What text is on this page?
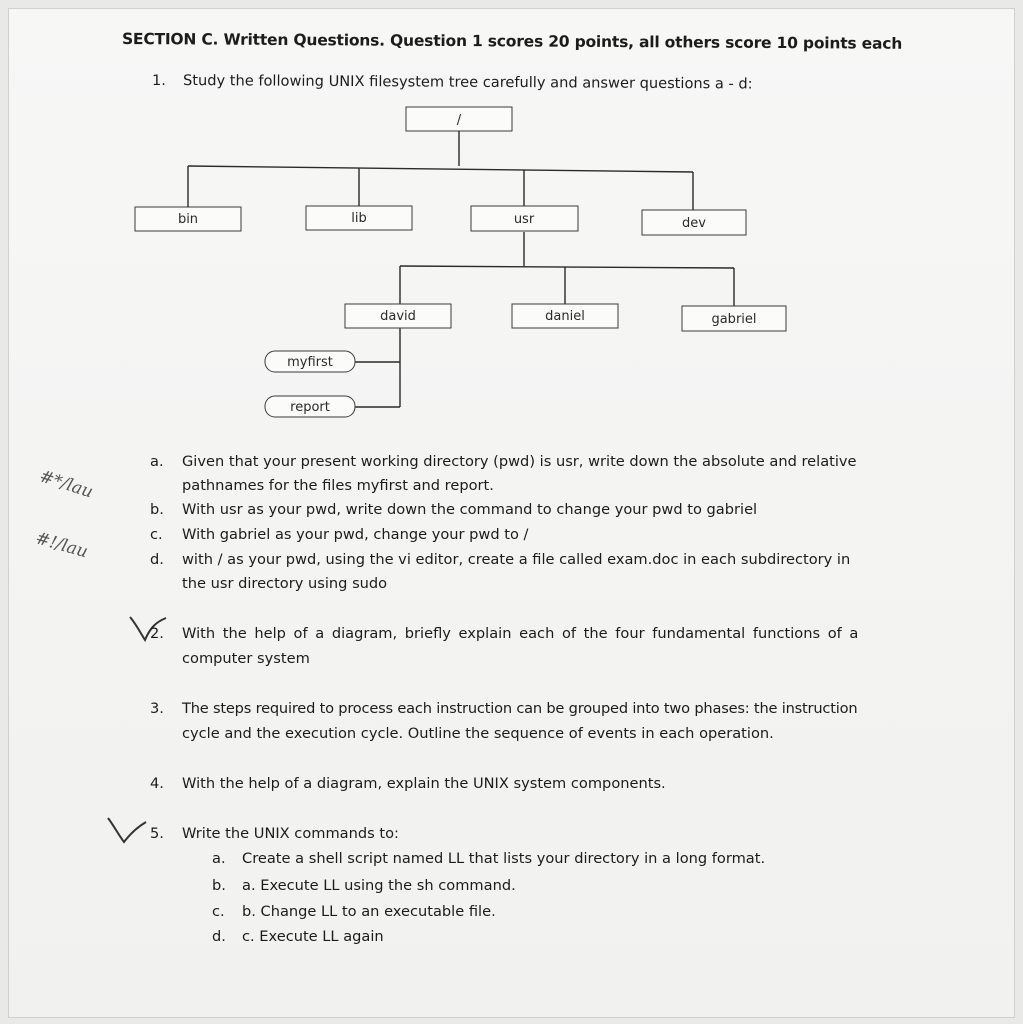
SECTION C. Written Questions. Question 1 scores 20 points, all others score 10 points each
1. Study the following UNIX filesystem tree carefully and answer questions a - d:
/
bin	lib	usr	dev
david	daniel	gabriel
myfirst
report
#*/lau
#!/lau
a. Given that your present working directory (pwd) is usr, write down the absolute and relative
pathnames for the files myfirst and report.
b. With usr as your pwd, write down the command to change your pwd to gabriel
c. With gabriel as your pwd, change your pwd to /
d. with / as your pwd, using the vi editor, create a file called exam.doc in each subdirectory in
the usr directory using sudo
2. With the help of a diagram, briefly explain each of the four fundamental functions of a
computer system
3. The steps required to process each instruction can be grouped into two phases: the instruction
cycle and the execution cycle. Outline the sequence of events in each operation.
4. With the help of a diagram, explain the UNIX system components.
5. Write the UNIX commands to:
a. Create a shell script named LL that lists your directory in a long format.
b. a. Execute LL using the sh command.
c. b. Change LL to an executable file.
d. c. Execute LL again
